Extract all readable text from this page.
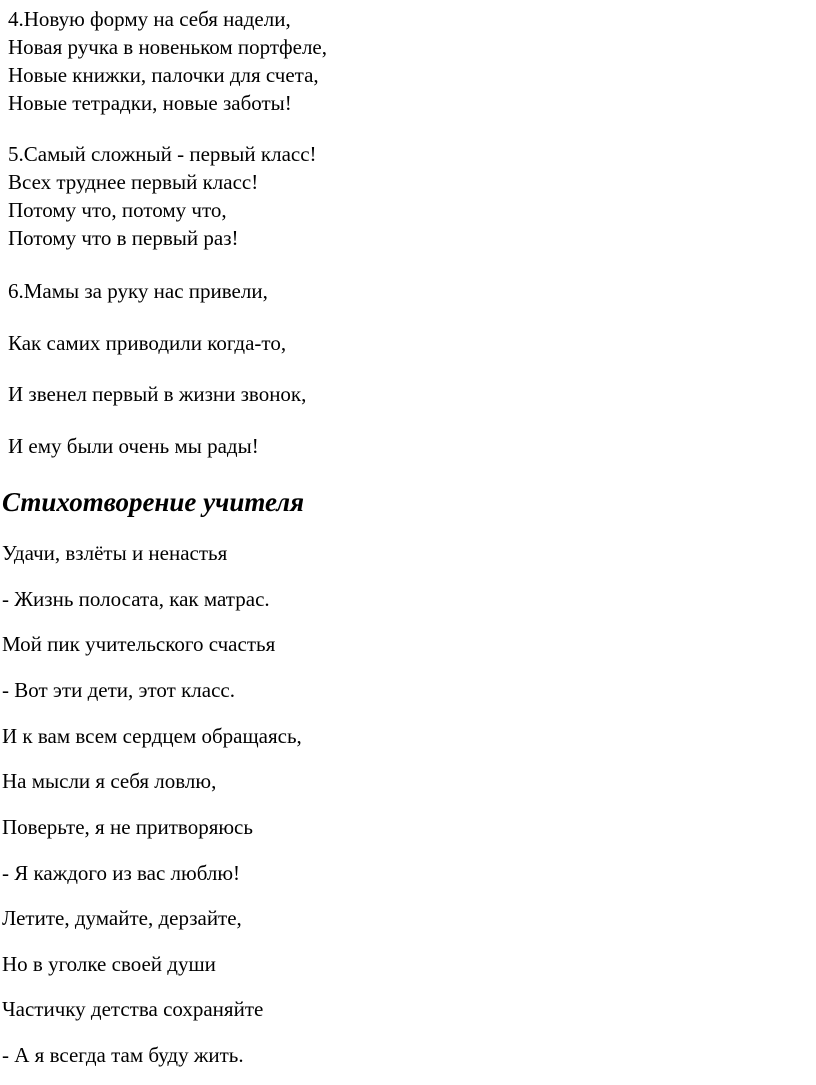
4.Новую форму на себя надели,
Новая ручка в новеньком портфеле,
Новые книжки, палочки для счета,
Новые тетрадки, новые заботы!
5.Самый сложный - первый класс!
Всех труднее первый класс!
Потому что, потому что,
Потому что в первый раз!
6.Мамы за руку нас привели,
Как самих приводили когда-то,
И звенел первый в жизни звонок,
И ему были очень мы рады!
Стихотворение учителя
Удачи, взлёты и ненастья
- Жизнь полосата, как матрас.
Мой пик учительского счастья
- Вот эти дети, этот класс.
И к вам всем сердцем обращаясь,
На мысли я себя ловлю,
Поверьте, я не притворяюсь
- Я каждого из вас люблю!
Летите, думайте, дерзайте,
Но в уголке своей души
Частичку детства сохраняйте
- А я всегда там буду жить.
